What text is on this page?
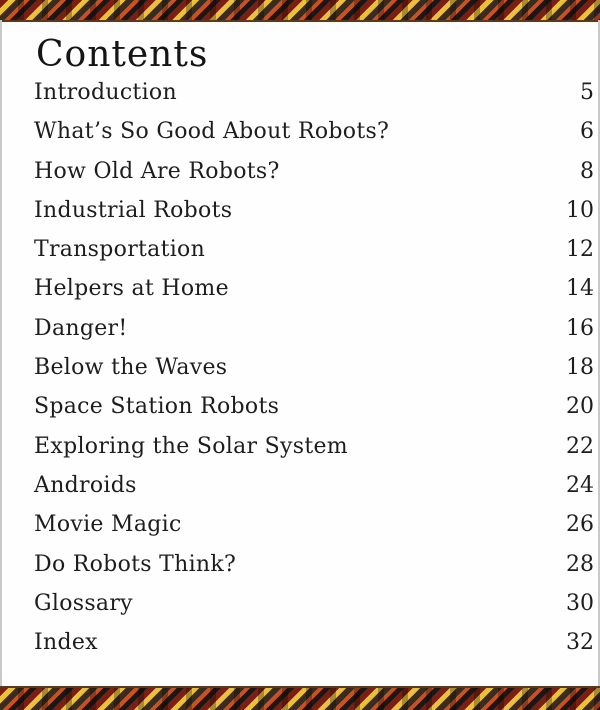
Contents
Introduction	5
What’s So Good About Robots?	6
How Old Are Robots?	8
Industrial Robots	10
Transportation	12
Helpers at Home	14
Danger!	16
Below the Waves	18
Space Station Robots	20
Exploring the Solar System	22
Androids	24
Movie Magic	26
Do Robots Think?	28
Glossary	30
Index	32
